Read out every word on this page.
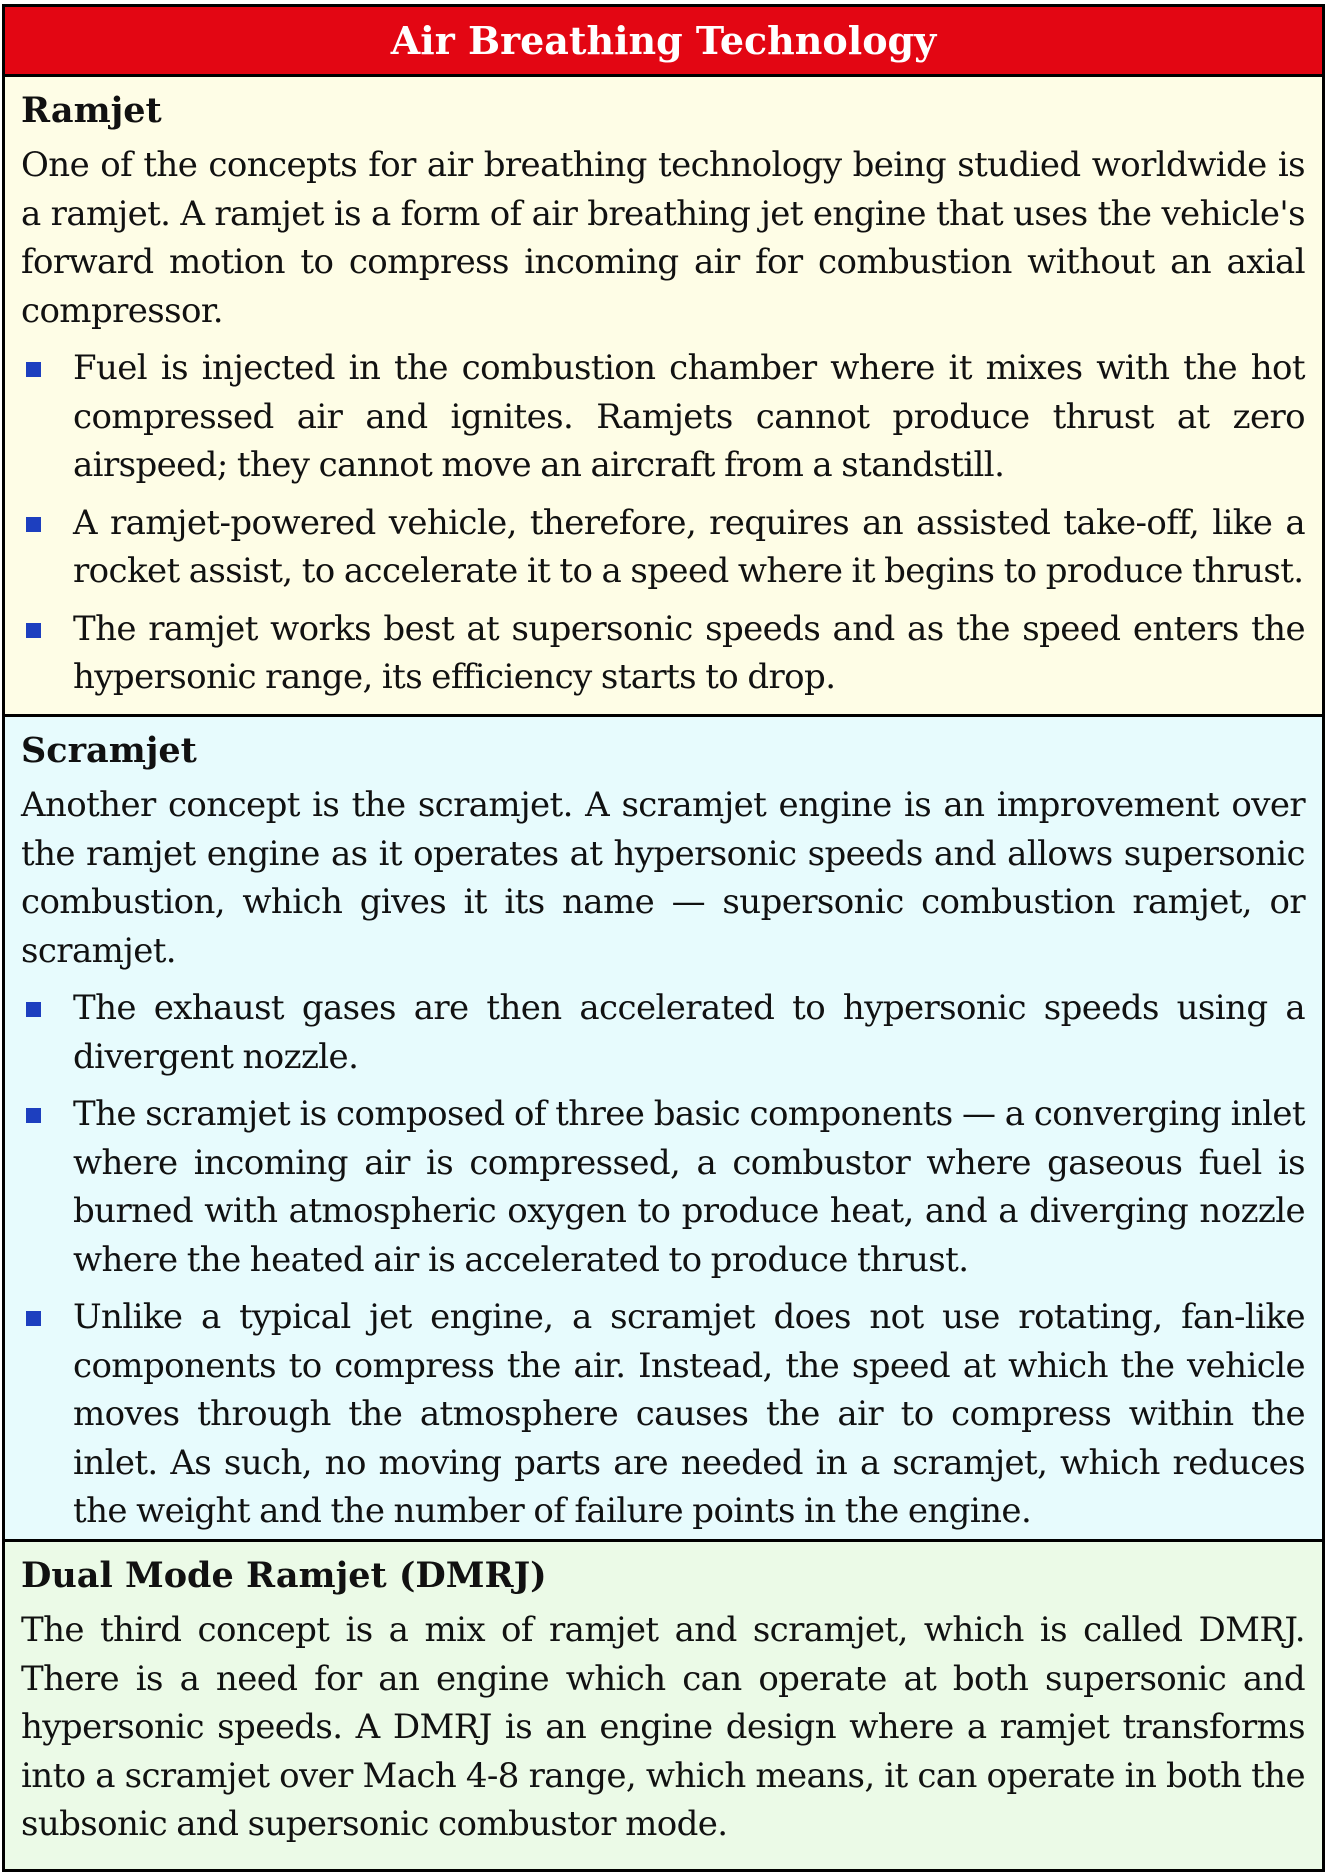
Air Breathing Technology
Ramjet
One of the concepts for air breathing technology being studied worldwide is a ramjet. A ramjet is a form of air breathing jet engine that uses the vehicle's forward motion to compress incoming air for combustion without an axial compressor.
Fuel is injected in the combustion chamber where it mixes with the hot compressed air and ignites. Ramjets cannot produce thrust at zero airspeed; they cannot move an aircraft from a standstill.
A ramjet-powered vehicle, therefore, requires an assisted take-off, like a rocket assist, to accelerate it to a speed where it begins to produce thrust.
The ramjet works best at supersonic speeds and as the speed enters the hypersonic range, its efficiency starts to drop.
Scramjet
Another concept is the scramjet. A scramjet engine is an improvement over the ramjet engine as it operates at hypersonic speeds and allows supersonic combustion, which gives it its name — supersonic combustion ramjet, or scramjet.
The exhaust gases are then accelerated to hypersonic speeds using a divergent nozzle.
The scramjet is composed of three basic components — a converging inlet where incoming air is compressed, a combustor where gaseous fuel is burned with atmospheric oxygen to produce heat, and a diverging nozzle where the heated air is accelerated to produce thrust.
Unlike a typical jet engine, a scramjet does not use rotating, fan-like components to compress the air. Instead, the speed at which the vehicle moves through the atmosphere causes the air to compress within the inlet. As such, no moving parts are needed in a scramjet, which reduces the weight and the number of failure points in the engine.
Dual Mode Ramjet (DMRJ)
The third concept is a mix of ramjet and scramjet, which is called DMRJ. There is a need for an engine which can operate at both supersonic and hypersonic speeds. A DMRJ is an engine design where a ramjet transforms into a scramjet over Mach 4-8 range, which means, it can operate in both the subsonic and supersonic combustor mode.
